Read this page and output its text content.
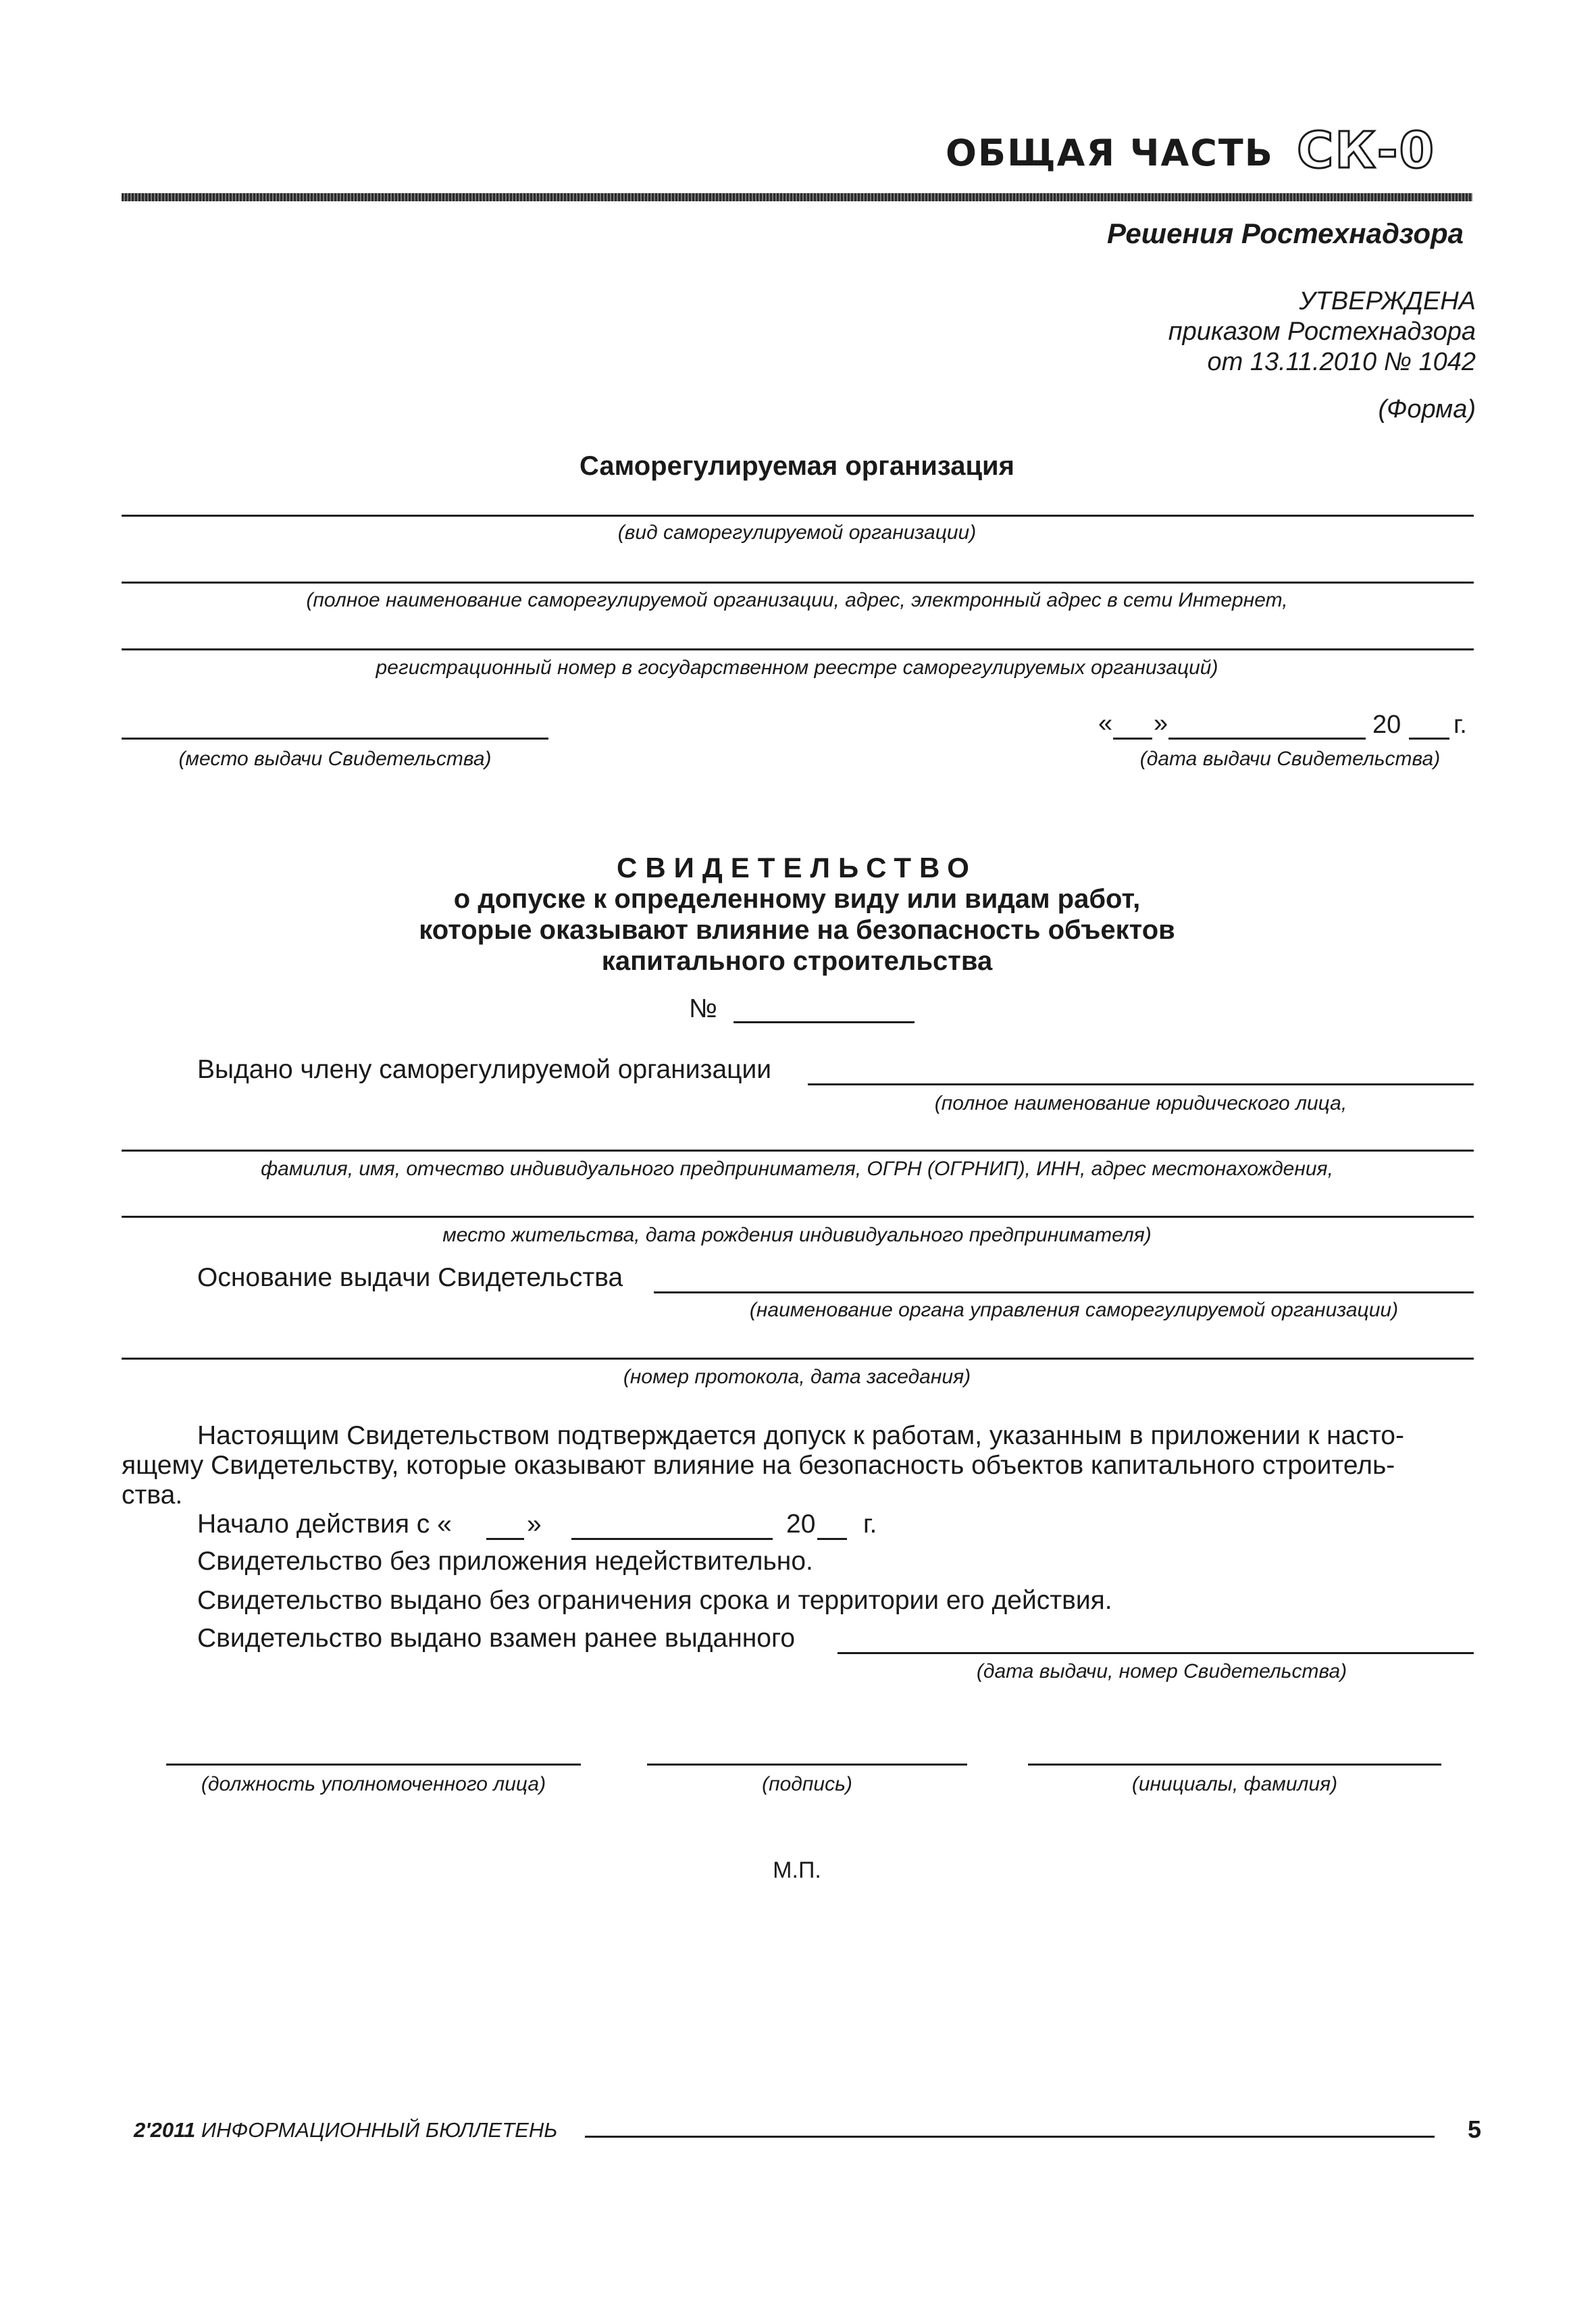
ОБЩАЯ ЧАСТЬ СК-0
Решения Ростехнадзора
УТВЕРЖДЕНА
приказом Ростехнадзора
от 13.11.2010 № 1042
(Форма)
Саморегулируемая организация
(вид саморегулируемой организации)
(полное наименование саморегулируемой организации, адрес, электронный адрес в сети Интернет,
регистрационный номер в государственном реестре саморегулируемых организаций)
(место выдачи Свидетельства)
« »	20 г.
(дата выдачи Свидетельства)
СВИДЕТЕЛЬСТВО
о допуске к определенному виду или видам работ,
которые оказывают влияние на безопасность объектов
капитального строительства
№
Выдано члену саморегулируемой организации
(полное наименование юридического лица,
фамилия, имя, отчество индивидуального предпринимателя, ОГРН (ОГРНИП), ИНН, адрес местонахождения,
место жительства, дата рождения индивидуального предпринимателя)
Основание выдачи Свидетельства
(наименование органа управления саморегулируемой организации)
(номер протокола, дата заседания)
Настоящим Свидетельством подтверждается допуск к работам, указанным в приложении к насто-
ящему Свидетельству, которые оказывают влияние на безопасность объектов капитального строитель-
ства.
Начало действия с «	»	20 г.
Свидетельство без приложения недействительно.
Свидетельство выдано без ограничения срока и территории его действия.
Свидетельство выдано взамен ранее выданного
(дата выдачи, номер Свидетельства)
(должность уполномоченного лица)	(подпись)	(инициалы, фамилия)
М.П.
2'2011 ИНФОРМАЦИОННЫЙ БЮЛЛЕТЕНЬ	5
